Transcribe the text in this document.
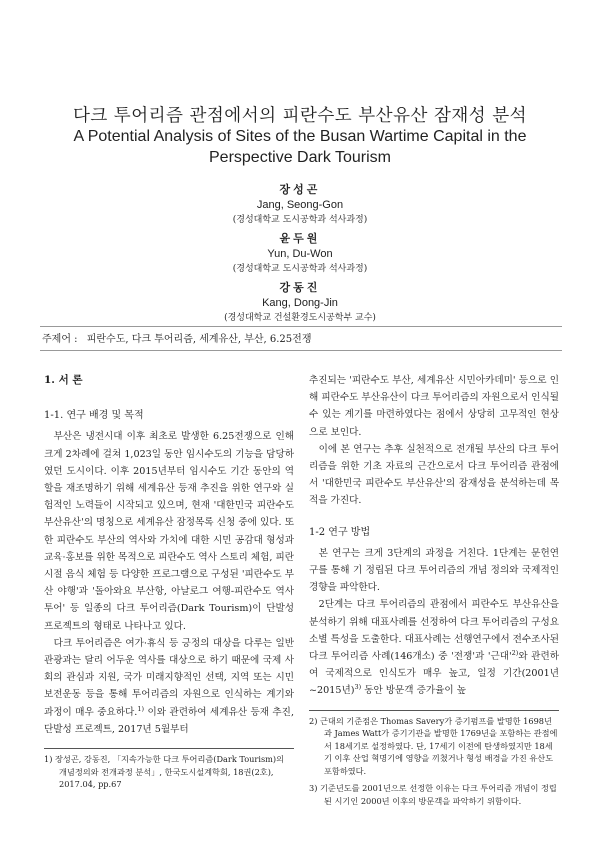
다크 투어리즘 관점에서의 피란수도 부산유산 잠재성 분석
A Potential Analysis of Sites of the Busan Wartime Capital in the Perspective Dark Tourism
장성곤
Jang, Seong-Gon
(경성대학교 도시공학과 석사과정)
윤두원
Yun, Du-Won
(경성대학교 도시공학과 석사과정)
강동진
Kang, Dong-Jin
(경성대학교 건설환경도시공학부 교수)
주제어 : 피란수도, 다크 투어리즘, 세계유산, 부산, 6.25전쟁
1. 서 론
1-1. 연구 배경 및 목적

부산은 냉전시대 이후 최초로 발생한 6.25전쟁으로 인해 크게 2차례에 걸쳐 1,023일 동안 임시수도의 기능을 담당하였던 도시이다. 이후 2015년부터 임시수도 기간 동안의 역할을 재조명하기 위해 세계유산 등재 추진을 위한 연구와 실험적인 노력들이 시작되고 있으며, 현재 '대한민국 피란수도 부산유산'의 명칭으로 세계유산 잠정목록 신청 중에 있다. 또한 피란수도 부산의 역사와 가치에 대한 시민 공감대 형성과 교육·홍보를 위한 목적으로 피란수도 역사 스토리 체험, 피란시절 음식 체험 등 다양한 프로그램으로 구성된 '피란수도 부산 야행'과 '돌아와요 부산항, 아날로그 여행-피란수도 역사 투어' 등 일종의 다크 투어리즘(Dark Tourism)이 단발성 프로젝트의 형태로 나타나고 있다.

다크 투어리즘은 여가·휴식 등 긍정의 대상을 다루는 일반 관광과는 달리 어두운 역사를 대상으로 하기 때문에 국제 사회의 관심과 지원, 국가 미래지향적인 선택, 지역 또는 시민보전운동 등을 통해 투어리즘의 자원으로 인식하는 계기와 과정이 매우 중요하다.$^{1)}$ 이와 관련하여 세계유산 등재 추진, 단발성 프로젝트, 2017년 5월부터

1) 장성곤, 강동진, 「지속가능한 다크 투어리즘(Dark Tourism)의 개념정의와 전개과정 분석」, 한국도시설계학회, 18권(2호), 2017.04, pp.67

추진되는 '피란수도 부산, 세계유산 시민아카데미' 등으로 인해 피란수도 부산유산이 다크 투어리즘의 자원으로서 인식될 수 있는 계기를 마련하였다는 점에서 상당히 고무적인 현상으로 보인다.

이에 본 연구는 추후 실천적으로 전개될 부산의 다크 투어리즘을 위한 기초 자료의 근간으로서 다크 투어리즘 관점에서 '대한민국 피란수도 부산유산'의 잠재성을 분석하는데 목적을 가진다.

1-2 연구 방법

본 연구는 크게 3단계의 과정을 거친다. 1단계는 문헌연구를 통해 기 정립된 다크 투어리즘의 개념 정의와 국제적인 경향을 파악한다.

2단계는 다크 투어리즘의 관점에서 피란수도 부산유산을 분석하기 위해 대표사례를 선정하여 다크 투어리즘의 구성요소별 특성을 도출한다. 대표사례는 선행연구에서 전수조사된 다크 투어리즘 사례(146개소) 중 '전쟁'과 '근대'$^{2)}$와 관련하여 국제적으로 인식도가 매우 높고, 일정 기간(2001년~2015년)$^{3)}$ 동안 방문객 증가율이 높

2) 근대의 기준점은 Thomas Savery가 증기펌프를 발명한 1698년과 James Watt가 증기기관을 발명한 1769년을 포함하는 관점에서 18세기로 설정하였다. 단, 17세기 이전에 탄생하였지만 18세기 이후 산업 혁명기에 영향을 끼쳤거나 형성 배경을 가진 유산도 포함하였다.

3) 기준년도를 2001년으로 선정한 이유는 다크 투어리즘 개념이 정립된 시기인 2000년 이후의 방문객을 파악하기 위함이다.
